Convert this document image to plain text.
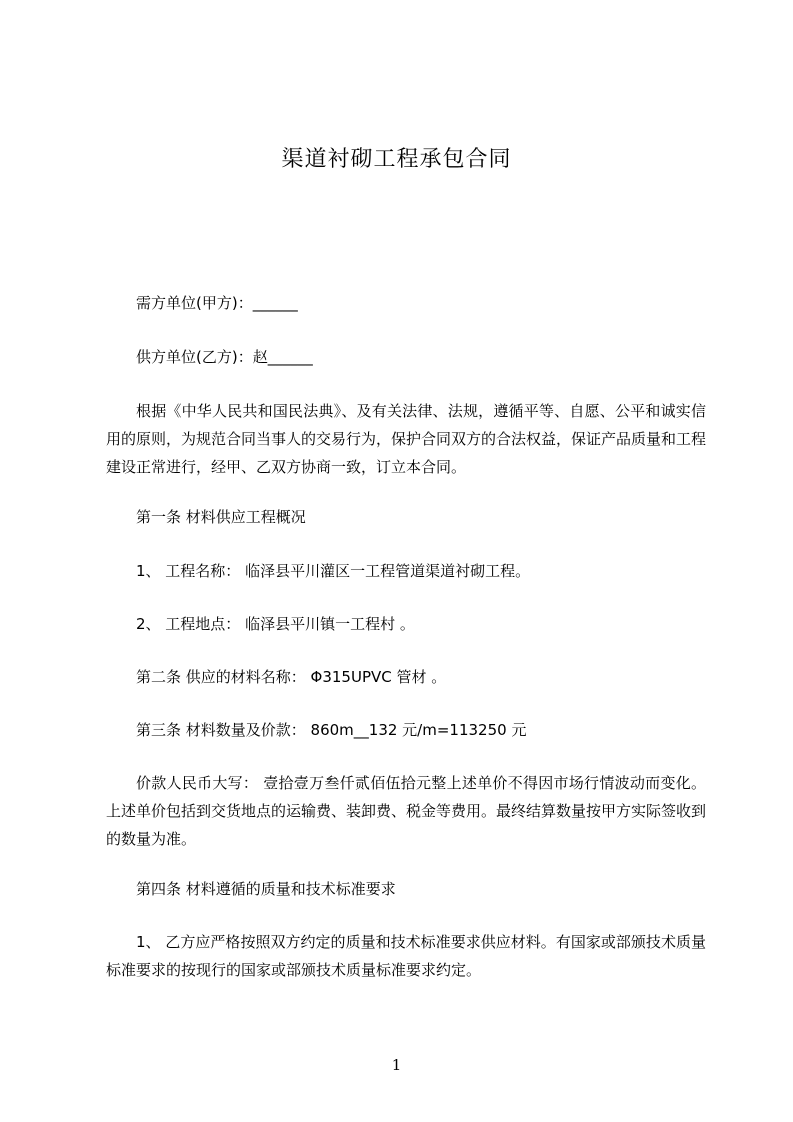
渠道衬砌工程承包合同
需方单位(甲方)：______
供方单位(乙方)：赵______

根据《中华人民共和国民法典》、及有关法律、法规，遵循平等、自愿、公平和诚实信用的原则，为规范合同当事人的交易行为，保护合同双方的合法权益，保证产品质量和工程建设正常进行，经甲、乙双方协商一致，订立本合同。

第一条 材料供应工程概况
1、 工程名称： 临泽县平川灌区一工程管道渠道衬砌工程。
2、 工程地点： 临泽县平川镇一工程村 。
第二条 供应的材料名称： Φ315UPVC 管材 。
第三条 材料数量及价款： 860m__132 元/m=113250 元

价款人民币大写： 壹拾壹万叁仟贰佰伍拾元整上述单价不得因市场行情波动而变化。上述单价包括到交货地点的运输费、装卸费、税金等费用。最终结算数量按甲方实际签收到的数量为准。

第四条 材料遵循的质量和技术标准要求

1、 乙方应严格按照双方约定的质量和技术标准要求供应材料。有国家或部颁技术质量标准要求的按现行的国家或部颁技术质量标准要求约定。

1
